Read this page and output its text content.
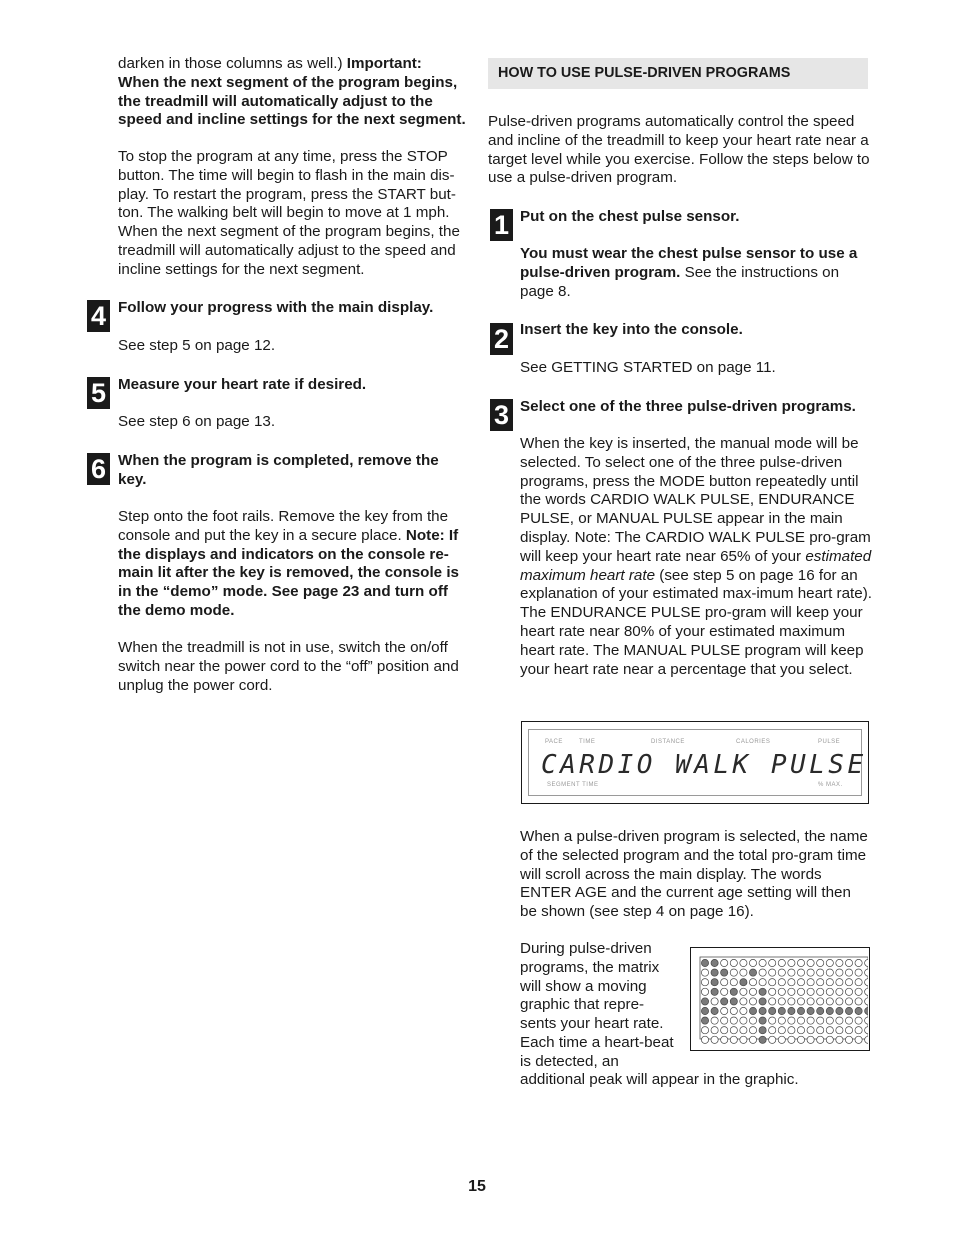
darken in those columns as well.) Important: When the next segment of the program begins, the treadmill will automatically adjust to the speed and incline settings for the next segment.

To stop the program at any time, press the STOP button. The time will begin to flash in the main dis-play. To restart the program, press the START but-ton. The walking belt will begin to move at 1 mph. When the next segment of the program begins, the treadmill will automatically adjust to the speed and incline settings for the next segment.

4 Follow your progress with the main display.

See step 5 on page 12.

5 Measure your heart rate if desired.

See step 6 on page 13.

6 When the program is completed, remove the key.

Step onto the foot rails. Remove the key from the console and put the key in a secure place. Note: If the displays and indicators on the console re-main lit after the key is removed, the console is in the “demo” mode. See page 23 and turn off the demo mode.

When the treadmill is not in use, switch the on/off switch near the power cord to the “off” position and unplug the power cord.

HOW TO USE PULSE-DRIVEN PROGRAMS

Pulse-driven programs automatically control the speed and incline of the treadmill to keep your heart rate near a target level while you exercise. Follow the steps below to use a pulse-driven program.

1 Put on the chest pulse sensor.

You must wear the chest pulse sensor to use a pulse-driven program. See the instructions on page 8.

2 Insert the key into the console.

See GETTING STARTED on page 11.

3 Select one of the three pulse-driven programs.

When the key is inserted, the manual mode will be selected. To select one of the three pulse-driven programs, press the MODE button repeatedly until the words CARDIO WALK PULSE, ENDURANCE PULSE, or MANUAL PULSE appear in the main display. Note: The CARDIO WALK PULSE pro-gram will keep your heart rate near 65% of your estimated maximum heart rate (see step 5 on page 16 for an explanation of your estimated max-imum heart rate). The ENDURANCE PULSE pro-gram will keep your heart rate near 80% of your estimated maximum heart rate. The MANUAL PULSE program will keep your heart rate near a percentage that you select.

PACE	TIME	DISTANCE	CALORIES	PULSE
CARDIO WALK PULSE
SEGMENT TIME	% MAX.

When a pulse-driven program is selected, the name of the selected program and the total pro-gram time will scroll across the main display. The words ENTER AGE and the current age setting will then be shown (see step 4 on page 16).

During pulse-driven programs, the matrix will show a moving graphic that repre-sents your heart rate. Each time a heart-beat is detected, an

additional peak will appear in the graphic.

15
